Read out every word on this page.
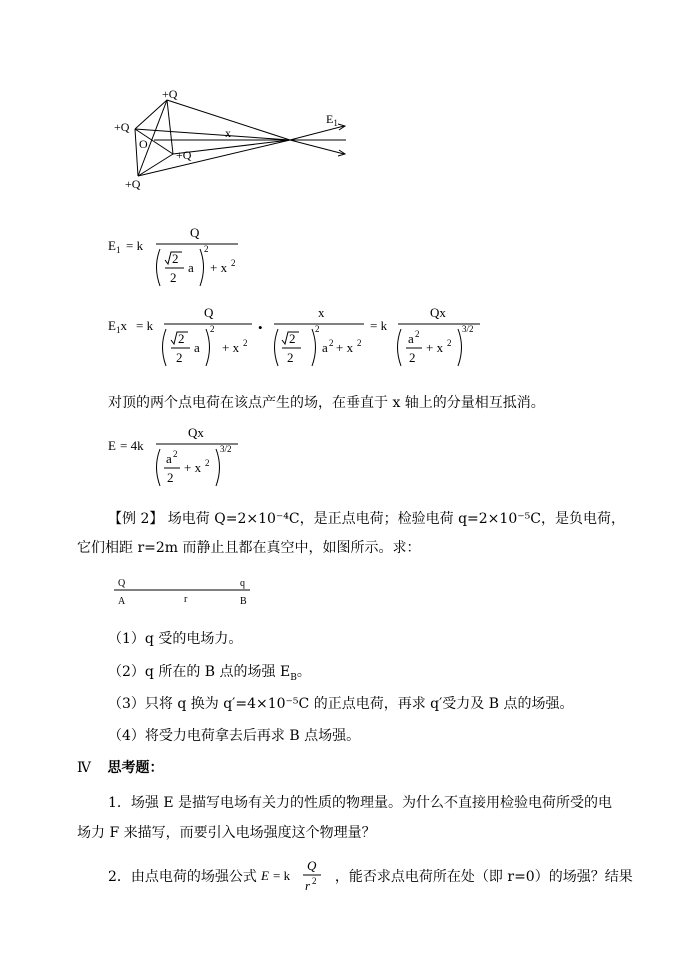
+Q
+Q
O
+Q
+Q
x
$E_1$
$E_1 = k$
Q
2
2
a
2
+ x 2
$E_1x = k$
Q
2
2
a
2
+ x 2
•
x
2
2
2
a 2 + x 2
= k
Qx
a 2
2
+ x 2
3/2
对顶的两个点电荷在该点产生的场，在垂直于 x 轴上的分量相互抵消。
E = 4k
Qx
a 2
2
+ x 2
3/2
【例 2】 场电荷 Q=2×10⁻⁴C，是正点电荷；检验电荷 q=2×10⁻⁵C，是负电荷，
它们相距 r=2m 而静止且都在真空中，如图所示。求：
Q	q
A	r	B
（1）q 受的电场力。
（2）q 所在的 B 点的场强 $E_B$。
（3）只将 q 换为 q′=4×10⁻⁵C 的正点电荷，再求 q′受力及 B 点的场强。
（4）将受力电荷拿去后再求 B 点场强。
Ⅳ 思考题：
1．场强 E 是描写电场有关力的性质的物理量。为什么不直接用检验电荷所受的电
场力 F 来描写，而要引入电场强度这个物理量？
2．由点电荷的场强公式 E = k
Q
r 2 ，能否求点电荷所在处（即 r=0）的场强？结果
